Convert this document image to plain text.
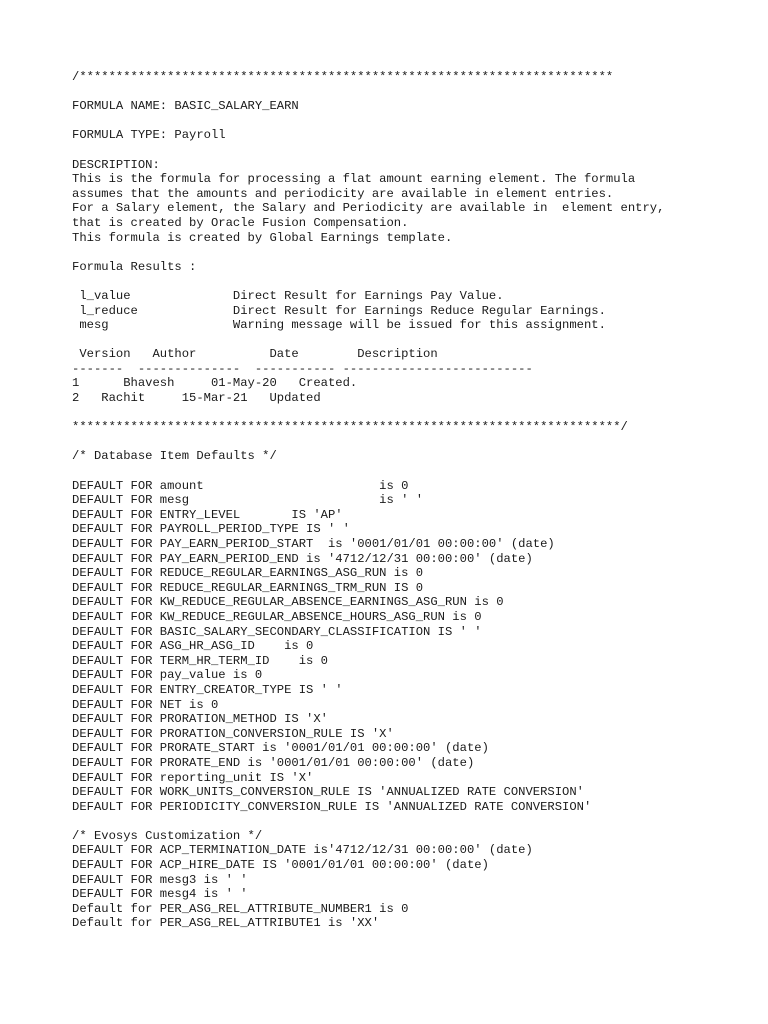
/*************************************************************************
FORMULA NAME: BASIC_SALARY_EARN
FORMULA TYPE: Payroll
DESCRIPTION:
This is the formula for processing a flat amount earning element. The formula
assumes that the amounts and periodicity are available in element entries.
For a Salary element, the Salary and Periodicity are available in  element entry,
that is created by Oracle Fusion Compensation.
This formula is created by Global Earnings template.
Formula Results :
l_value              Direct Result for Earnings Pay Value.
l_reduce             Direct Result for Earnings Reduce Regular Earnings.
mesg                 Warning message will be issued for this assignment.
Version   Author          Date        Description
-------  --------------  ----------- --------------------------
1      Bhavesh     01-May-20   Created.
2   Rachit     15-Mar-21   Updated
***************************************************************************/
/* Database Item Defaults */
DEFAULT FOR amount                        is 0
DEFAULT FOR mesg                          is ' '
DEFAULT FOR ENTRY_LEVEL       IS 'AP'
DEFAULT FOR PAYROLL_PERIOD_TYPE IS ' '
DEFAULT FOR PAY_EARN_PERIOD_START  is '0001/01/01 00:00:00' (date)
DEFAULT FOR PAY_EARN_PERIOD_END is '4712/12/31 00:00:00' (date)
DEFAULT FOR REDUCE_REGULAR_EARNINGS_ASG_RUN is 0
DEFAULT FOR REDUCE_REGULAR_EARNINGS_TRM_RUN IS 0
DEFAULT FOR KW_REDUCE_REGULAR_ABSENCE_EARNINGS_ASG_RUN is 0
DEFAULT FOR KW_REDUCE_REGULAR_ABSENCE_HOURS_ASG_RUN is 0
DEFAULT FOR BASIC_SALARY_SECONDARY_CLASSIFICATION IS ' '
DEFAULT FOR ASG_HR_ASG_ID    is 0
DEFAULT FOR TERM_HR_TERM_ID    is 0
DEFAULT FOR pay_value is 0
DEFAULT FOR ENTRY_CREATOR_TYPE IS ' '
DEFAULT FOR NET is 0
DEFAULT FOR PRORATION_METHOD IS 'X'
DEFAULT FOR PRORATION_CONVERSION_RULE IS 'X'
DEFAULT FOR PRORATE_START is '0001/01/01 00:00:00' (date)
DEFAULT FOR PRORATE_END is '0001/01/01 00:00:00' (date)
DEFAULT FOR reporting_unit IS 'X'
DEFAULT FOR WORK_UNITS_CONVERSION_RULE IS 'ANNUALIZED RATE CONVERSION'
DEFAULT FOR PERIODICITY_CONVERSION_RULE IS 'ANNUALIZED RATE CONVERSION'
/* Evosys Customization */
DEFAULT FOR ACP_TERMINATION_DATE is'4712/12/31 00:00:00' (date)
DEFAULT FOR ACP_HIRE_DATE IS '0001/01/01 00:00:00' (date)
DEFAULT FOR mesg3 is ' '
DEFAULT FOR mesg4 is ' '
Default for PER_ASG_REL_ATTRIBUTE_NUMBER1 is 0
Default for PER_ASG_REL_ATTRIBUTE1 is 'XX'
